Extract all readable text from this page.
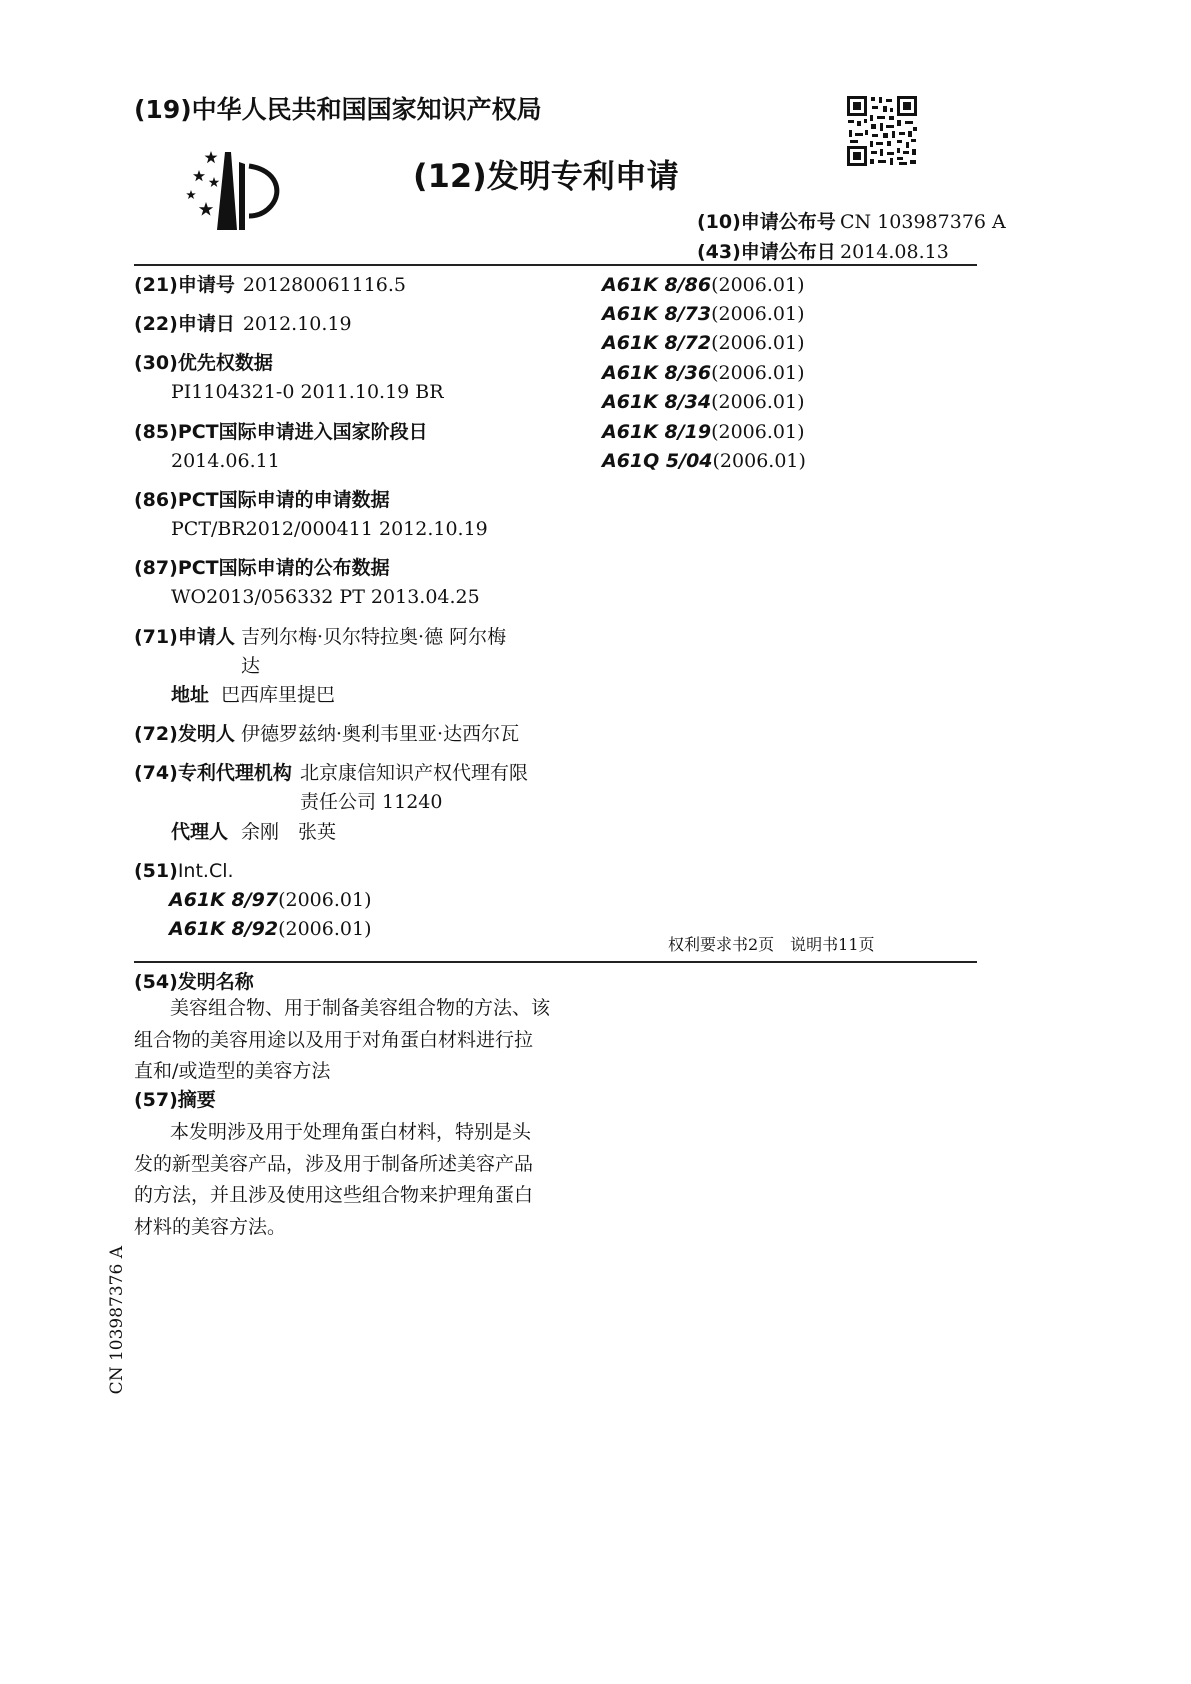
(19)中华人民共和国国家知识产权局
(12)发明专利申请
(10)申请公布号 CN 103987376 A
(43)申请公布日 2014.08.13
(21)申请号 201280061116.5
(22)申请日 2012.10.19
(30)优先权数据
PI1104321-0 2011.10.19 BR
(85)PCT国际申请进入国家阶段日
2014.06.11
(86)PCT国际申请的申请数据
PCT/BR2012/000411 2012.10.19
(87)PCT国际申请的公布数据
WO2013/056332 PT 2013.04.25
(71)申请人 吉列尔梅·贝尔特拉奥·德 阿尔梅
达
地址 巴西库里提巴
(72)发明人 伊德罗兹纳·奥利韦里亚·达西尔瓦
(74)专利代理机构 北京康信知识产权代理有限
责任公司 11240
代理人 余刚　张英
(51)Int.Cl.
A61K 8/97(2006.01)
A61K 8/92(2006.01)
A61K 8/86(2006.01)
A61K 8/73(2006.01)
A61K 8/72(2006.01)
A61K 8/36(2006.01)
A61K 8/34(2006.01)
A61K 8/19(2006.01)
A61Q 5/04(2006.01)
权利要求书2页　说明书11页
(54)发明名称
美容组合物、用于制备美容组合物的方法、该
组合物的美容用途以及用于对角蛋白材料进行拉
直和/或造型的美容方法
(57)摘要
本发明涉及用于处理角蛋白材料，特别是头
发的新型美容产品，涉及用于制备所述美容产品
的方法，并且涉及使用这些组合物来护理角蛋白
材料的美容方法。
CN 103987376 A
